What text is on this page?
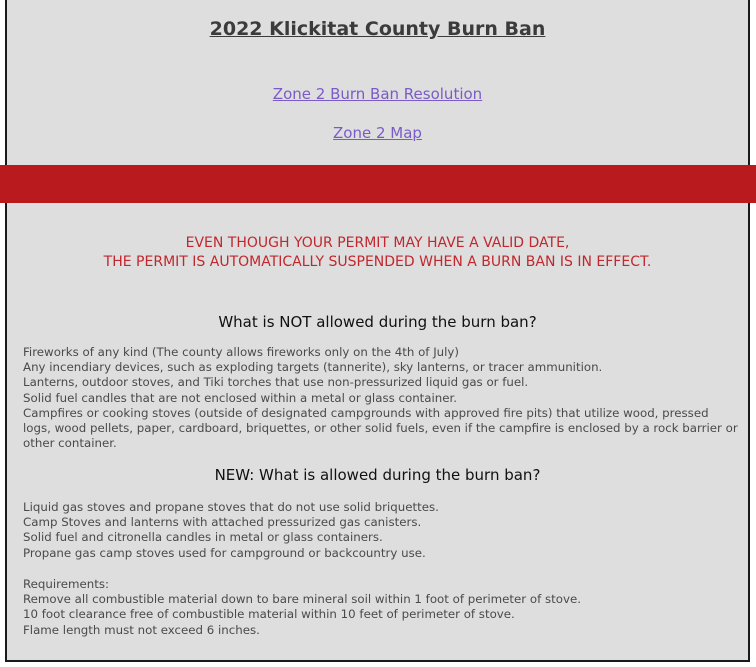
2022 Klickitat County Burn Ban
Zone 2 Burn Ban Resolution
Zone 2 Map
EVEN THOUGH YOUR PERMIT MAY HAVE A VALID DATE,
THE PERMIT IS AUTOMATICALLY SUSPENDED WHEN A BURN BAN IS IN EFFECT.
What is NOT allowed during the burn ban?
Fireworks of any kind (The county allows fireworks only on the 4th of July)
Any incendiary devices, such as exploding targets (tannerite), sky lanterns, or tracer ammunition.
Lanterns, outdoor stoves, and Tiki torches that use non-pressurized liquid gas or fuel.
Solid fuel candles that are not enclosed within a metal or glass container.
Campfires or cooking stoves (outside of designated campgrounds with approved fire pits) that utilize wood, pressed logs, wood pellets, paper, cardboard, briquettes, or other solid fuels, even if the campfire is enclosed by a rock barrier or other container.
NEW: What is allowed during the burn ban?
Liquid gas stoves and propane stoves that do not use solid briquettes.
Camp Stoves and lanterns with attached pressurized gas canisters.
Solid fuel and citronella candles in metal or glass containers.
Propane gas camp stoves used for campground or backcountry use.
Requirements:
Remove all combustible material down to bare mineral soil within 1 foot of perimeter of stove.
10 foot clearance free of combustible material within 10 feet of perimeter of stove.
Flame length must not exceed 6 inches.
